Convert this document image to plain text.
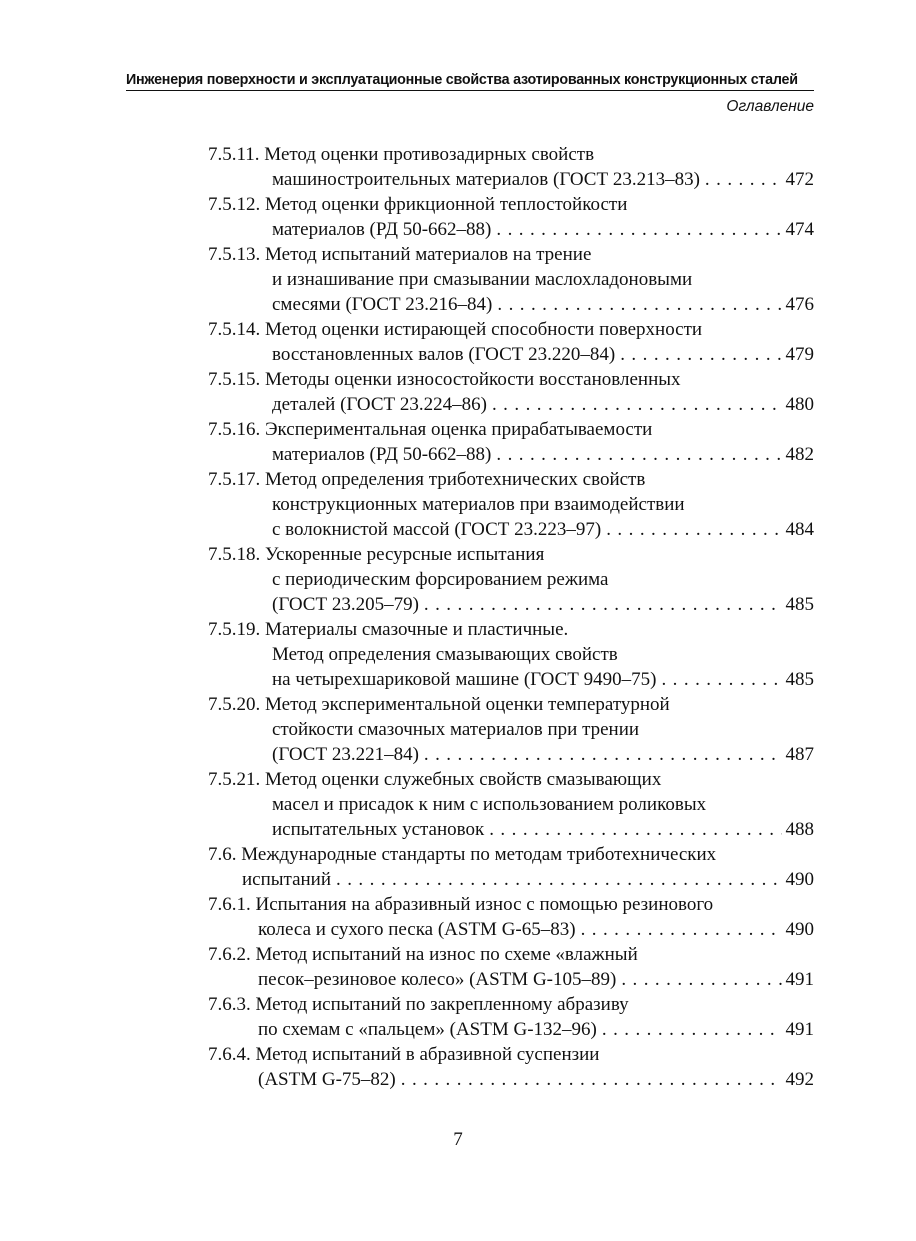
Инженерия поверхности и эксплуатационные свойства азотированных конструкционных сталей
Оглавление
7.5.11. Метод оценки противозадирных свойств
машиностроительных материалов (ГОСТ 23.213–83) . . .	472
7.5.12. Метод оценки фрикционной теплостойкости
материалов (РД 50-662–88) . . .	474
7.5.13. Метод испытаний материалов на трение
и изнашивание при смазывании маслохладоновыми
смесями (ГОСТ 23.216–84) . . .	476
7.5.14. Метод оценки истирающей способности поверхности
восстановленных валов (ГОСТ 23.220–84) . . .	479
7.5.15. Методы оценки износостойкости восстановленных
деталей (ГОСТ 23.224–86) . . .	480
7.5.16. Экспериментальная оценка прирабатываемости
материалов (РД 50-662–88) . . .	482
7.5.17. Метод определения триботехнических свойств
конструкционных материалов при взаимодействии
с волокнистой массой (ГОСТ 23.223–97) . . .	484
7.5.18. Ускоренные ресурсные испытания
с периодическим форсированием режима
(ГОСТ 23.205–79) . . .	485
7.5.19. Материалы смазочные и пластичные.
Метод определения смазывающих свойств
на четырехшариковой машине (ГОСТ 9490–75) . . .	485
7.5.20. Метод экспериментальной оценки температурной
стойкости смазочных материалов при трении
(ГОСТ 23.221–84) . . .	487
7.5.21. Метод оценки служебных свойств смазывающих
масел и присадок к ним с использованием роликовых
испытательных установок . . .	488
7.6. Международные стандарты по методам триботехнических
испытаний . . .	490
7.6.1. Испытания на абразивный износ с помощью резинового
колеса и сухого песка (ASTM G-65–83) . . .	490
7.6.2. Метод испытаний на износ по схеме «влажный
песок–резиновое колесо» (ASTM G-105–89) . . .	491
7.6.3. Метод испытаний по закрепленному абразиву
по схемам с «пальцем» (ASTM G-132–96) . . .	491
7.6.4. Метод испытаний в абразивной суспензии
(ASTM G-75–82) . . .	492
7
